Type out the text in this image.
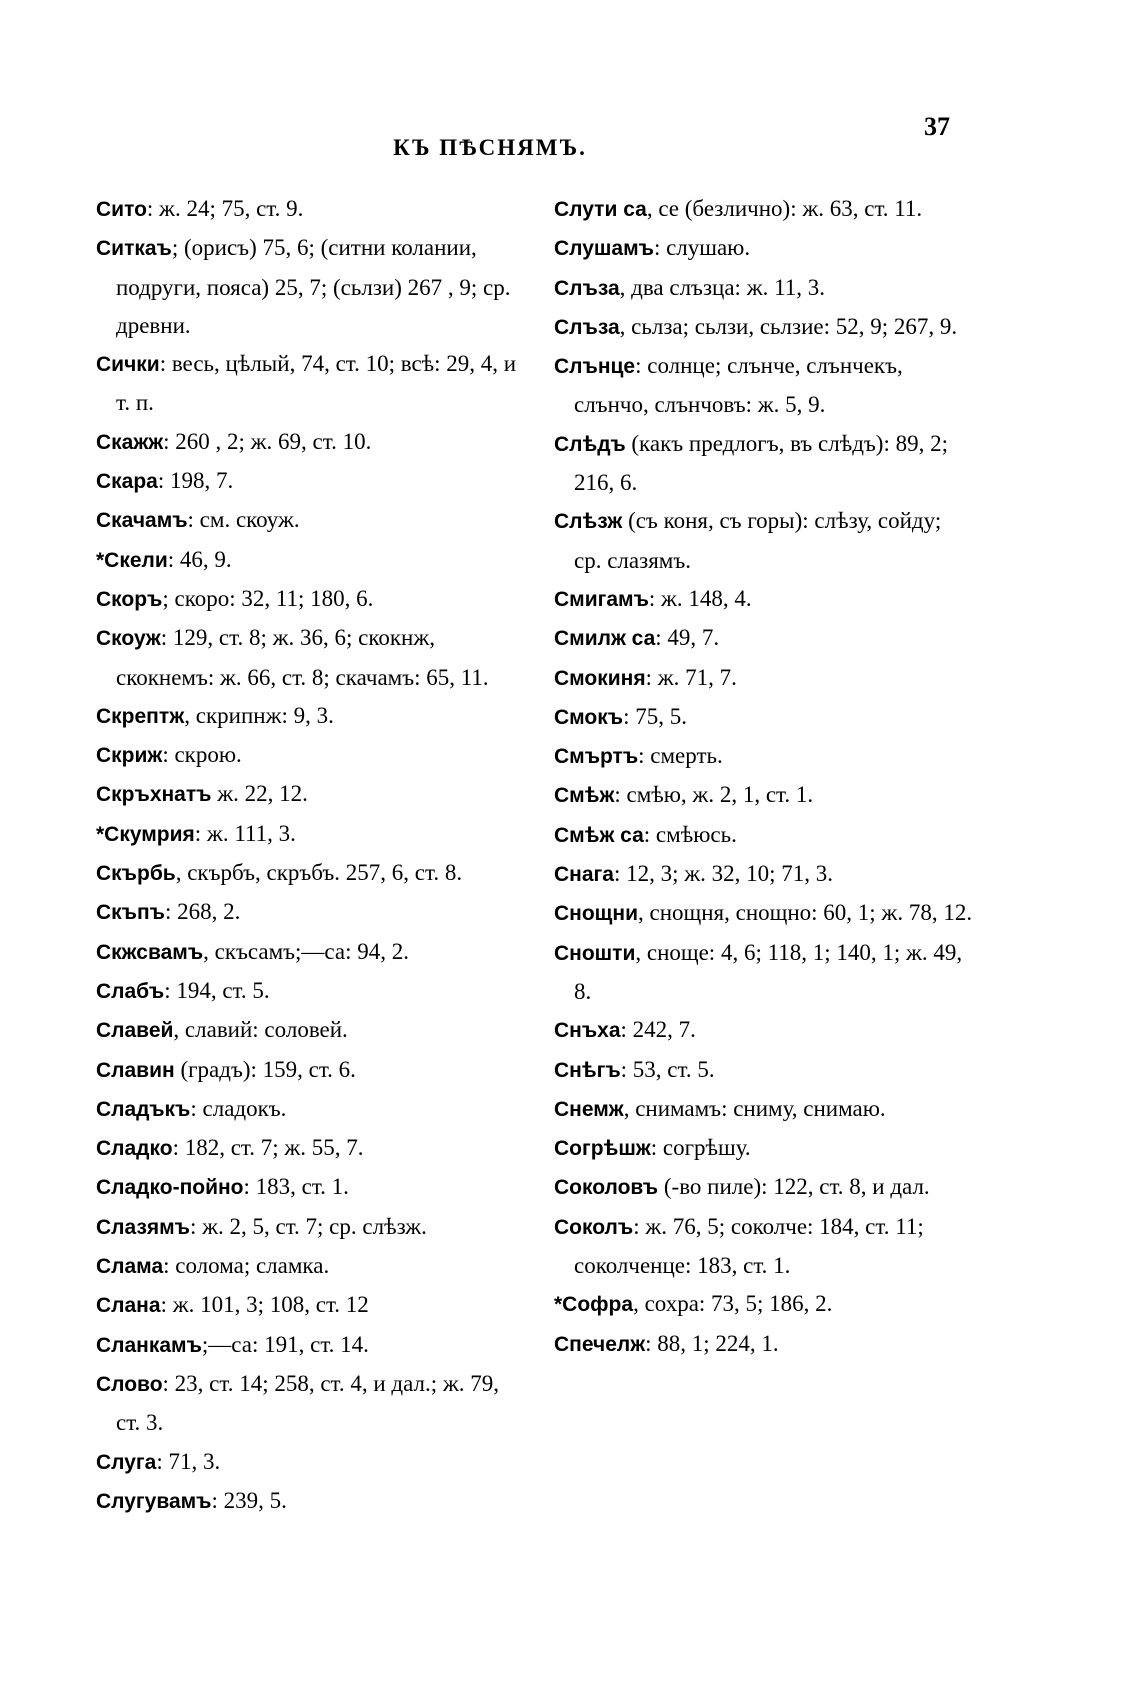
37
КЪ ПѢСНЯМЪ.

Сито: ж. 24; 75, ст. 9.

Ситкаъ; (орисъ) 75, 6; (ситни колании, подруги, пояса) 25, 7; (сьлзи) 267 , 9; ср. древни.

Сички: весь, цѣлый, 74, ст. 10; всѣ: 29, 4, и т. п.

Скажж: 260 , 2; ж. 69, ст. 10.

Скара: 198, 7.

Скачамъ: см. скоуж.

*Скели: 46, 9.

Скоръ; скоро: 32, 11; 180, 6.

Скоуж: 129, ст. 8; ж. 36, 6; скокнж, скокнемъ: ж. 66, ст. 8; скачамъ: 65, 11.

Скрептж, скрипнж: 9, 3.

Скриж: скрою.

Скръхнатъ ж. 22, 12.

*Скумрия: ж. 111, 3.

Скърбь, скърбъ, скръбъ. 257, 6, ст. 8.

Скъпъ: 268, 2.

Скжсвамъ, скъсамъ;—са: 94, 2.

Слабъ: 194, ст. 5.

Славей, славий: соловей.

Славин (градъ): 159, ст. 6.

Сладъкъ: сладокъ.

Сладко: 182, ст. 7; ж. 55, 7.

Сладко-пойно: 183, ст. 1.

Слазямъ: ж. 2, 5, ст. 7; ср. слѣзж.

Слама: солома; сламка.

Слана: ж. 101, 3; 108, ст. 12

Сланкамъ;—са: 191, ст. 14.

Слово: 23, ст. 14; 258, ст. 4, и дал.; ж. 79, ст. 3.

Слуга: 71, 3.

Слугувамъ: 239, 5.

Слути са, се (безлично): ж. 63, ст. 11.

Слушамъ: слушаю.

Слъза, два слъзца: ж. 11, 3.

Слъза, сьлза; сьлзи, сьлзие: 52, 9; 267, 9.

Слънце: солнце; слънче, слънчекъ, слънчо, слънчовъ: ж. 5, 9.

Слѣдъ (какъ предлогъ, въ слѣдъ): 89, 2; 216, 6.

Слѣзж (съ коня, съ горы): слѣзу, сойду; ср. слазямъ.

Смигамъ: ж. 148, 4.

Смилж са: 49, 7.

Смокиня: ж. 71, 7.

Смокъ: 75, 5.

Смъртъ: смерть.

Смѣж: смѣю, ж. 2, 1, ст. 1.

Смѣж са: смѣюсь.

Снага: 12, 3; ж. 32, 10; 71, 3.

Снощни, снощня, снощно: 60, 1; ж. 78, 12.

Сношти, сноще: 4, 6; 118, 1; 140, 1; ж. 49, 8.

Снъха: 242, 7.

Снѣгъ: 53, ст. 5.

Снемж, снимамъ: сниму, снимаю.

Согрѣшж: согрѣшу.

Соколовъ (-во пиле): 122, ст. 8, и дал.

Соколъ: ж. 76, 5; соколче: 184, ст. 11; соколченце: 183, ст. 1.

*Софра, сохра: 73, 5; 186, 2.

Спечелж: 88, 1; 224, 1.
